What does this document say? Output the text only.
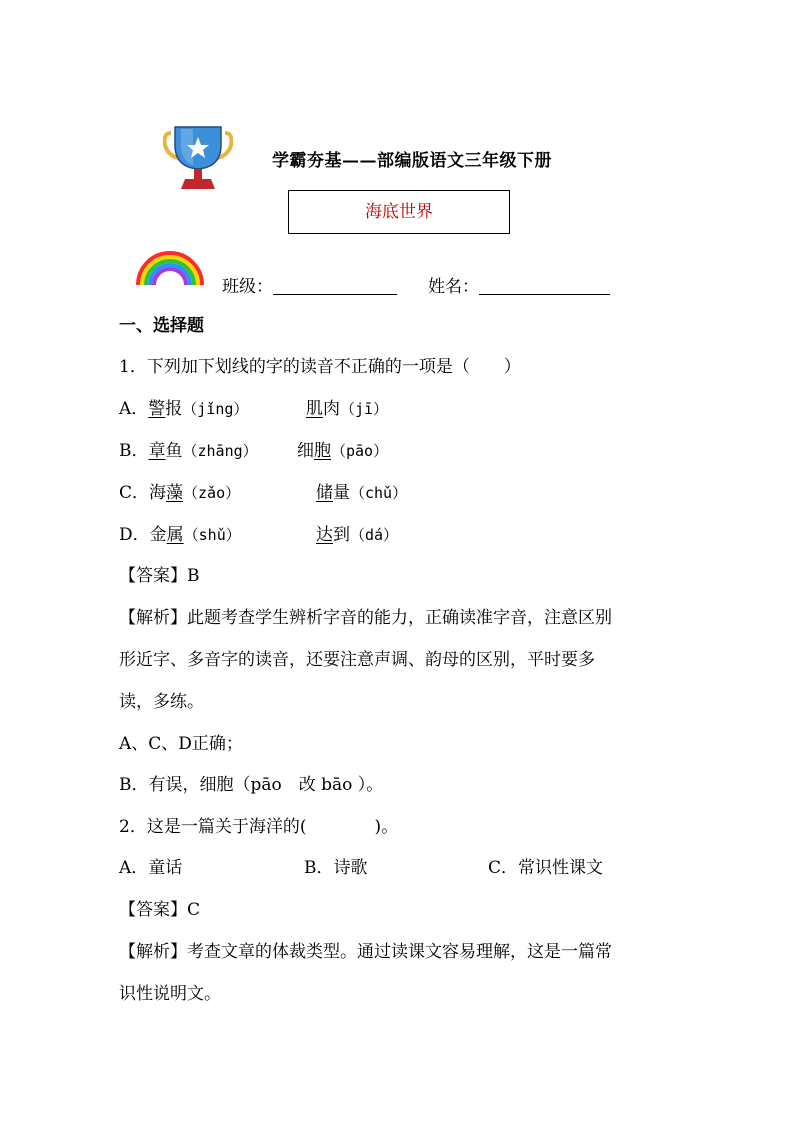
学霸夯基——部编版语文三年级下册
海底世界
班级：	姓名：
一、选择题
1．下列加下划线的字的读音不正确的一项是（　　）
A．警报（jǐng）	肌肉（jī）
B．章鱼（zhāng） 细胞（pāo）
C．海藻（zǎo）	储量（chǔ）
D．金属（shǔ）	达到（dá）
【答案】B
【解析】此题考查学生辨析字音的能力，正确读准字音，注意区别
形近字、多音字的读音，还要注意声调、韵母的区别，平时要多
读，多练。
A、C、D正确；
B．有误，细胞（pāo　改 bāo ）。
2．这是一篇关于海洋的(　　　　)。
A．童话	B．诗歌	C．常识性课文
【答案】C
【解析】考查文章的体裁类型。通过读课文容易理解，这是一篇常
识性说明文。
